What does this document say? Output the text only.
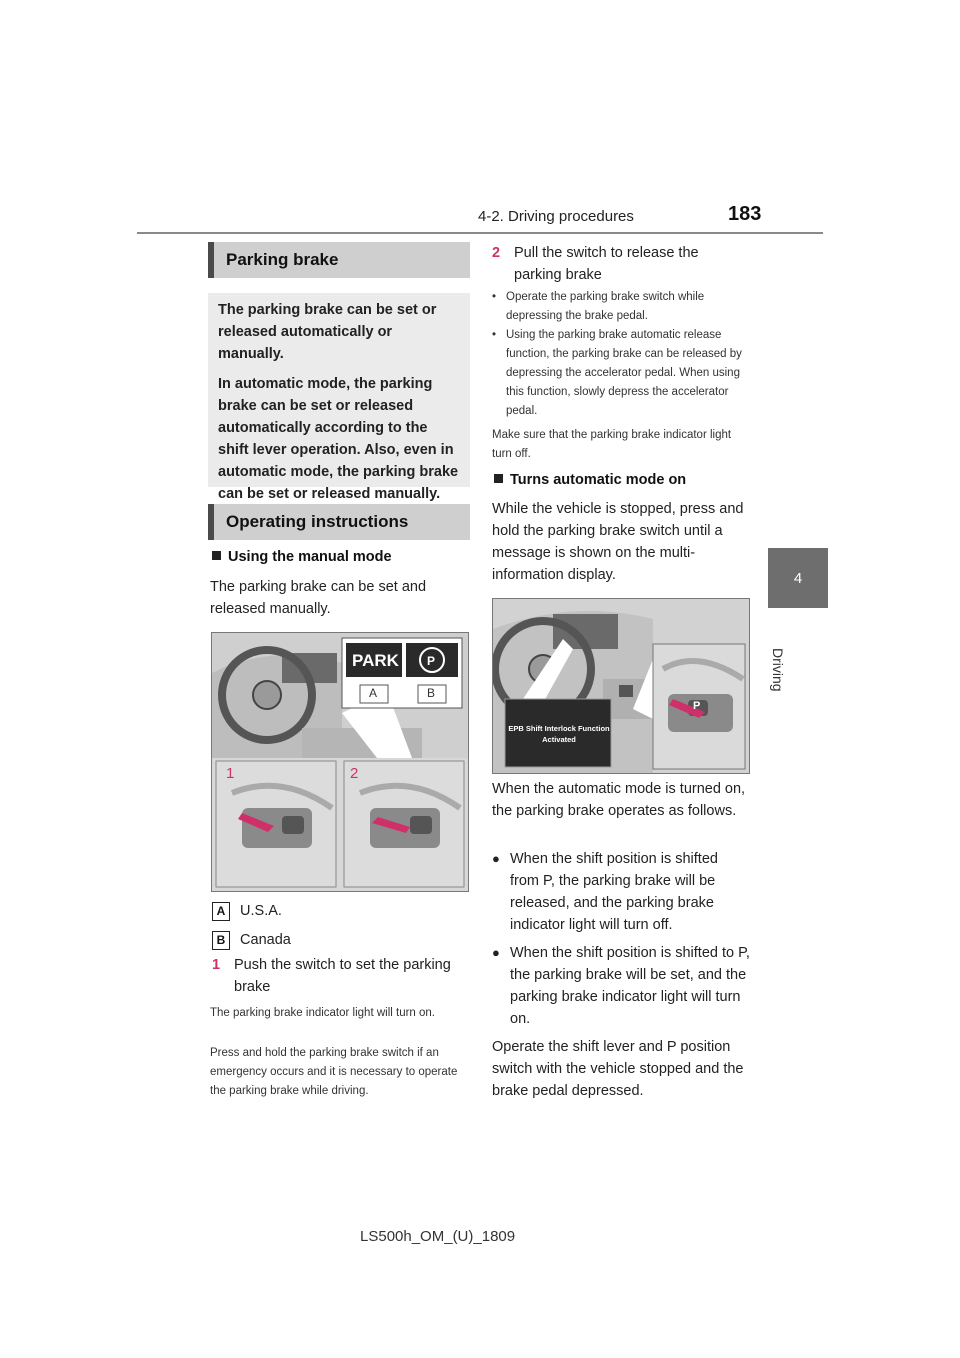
4-2. Driving procedures	183
4
Driving
Parking brake

The parking brake can be set or released automatically or manually.

In automatic mode, the parking brake can be set or released automatically according to the shift lever operation. Also, even in automatic mode, the parking brake can be set or released manually.

Operating instructions
Using the manual mode
The parking brake can be set and released manually.
PARK P
A	B
1	2
A U.S.A.
B Canada
1 Push the switch to set the parking brake
The parking brake indicator light will turn on.
Press and hold the parking brake switch if an emergency occurs and it is necessary to operate the parking brake while driving.
2 Pull the switch to release the parking brake
• Operate the parking brake switch while depressing the brake pedal.
• Using the parking brake automatic release function, the parking brake can be released by depressing the accelerator pedal. When using this function, slowly depress the accelerator pedal.
Make sure that the parking brake indicator light turn off.
Turns automatic mode on
While the vehicle is stopped, press and hold the parking brake switch until a message is shown on the multi-information display.
EPB Shift Interlock Function
Activated
P
When the automatic mode is turned on, the parking brake operates as follows.
● When the shift position is shifted from P, the parking brake will be released, and the parking brake indicator light will turn off.
● When the shift position is shifted to P, the parking brake will be set, and the parking brake indicator light will turn on.
Operate the shift lever and P position switch with the vehicle stopped and the brake pedal depressed.
LS500h_OM_(U)_1809
